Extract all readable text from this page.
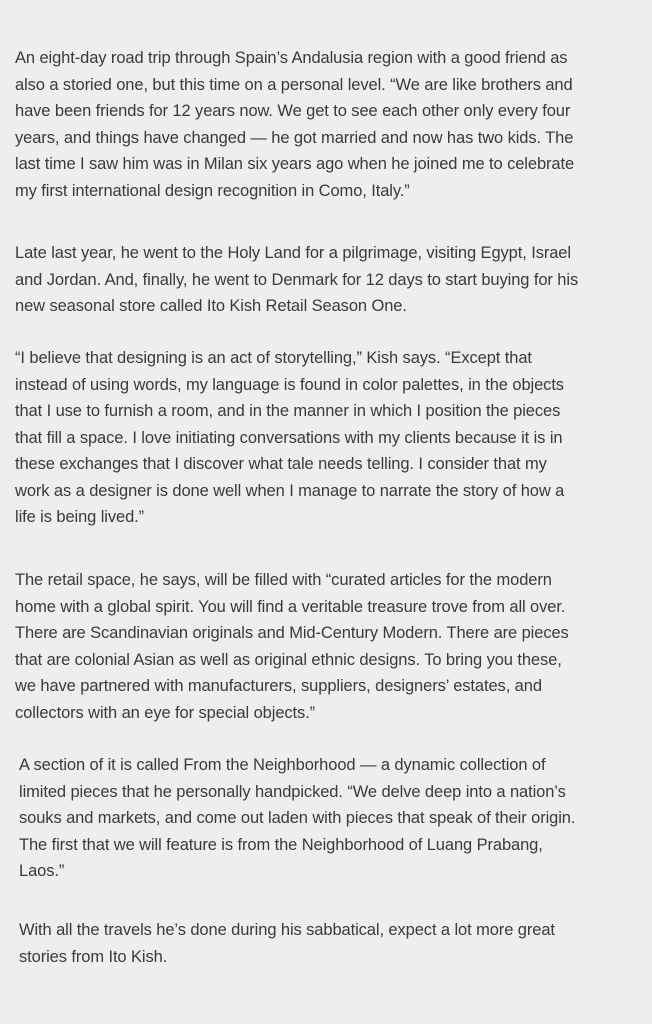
An eight-day road trip through Spain’s Andalusia region with a good friend as
also a storied one, but this time on a personal level. “We are like brothers and
have been friends for 12 years now. We get to see each other only every four
years, and things have changed — he got married and now has two kids. The
last time I saw him was in Milan six years ago when he joined me to celebrate
my first international design recognition in Como, Italy.”

Late last year, he went to the Holy Land for a pilgrimage, visiting Egypt, Israel
and Jordan. And, finally, he went to Denmark for 12 days to start buying for his
new seasonal store called Ito Kish Retail Season One.

“I believe that designing is an act of storytelling,” Kish says. “Except that
instead of using words, my language is found in color palettes, in the objects
that I use to furnish a room, and in the manner in which I position the pieces
that fill a space. I love initiating conversations with my clients because it is in
these exchanges that I discover what tale needs telling. I consider that my
work as a designer is done well when I manage to narrate the story of how a
life is being lived.”

The retail space, he says, will be filled with “curated articles for the modern
home with a global spirit. You will find a veritable treasure trove from all over.
There are Scandinavian originals and Mid-Century Modern. There are pieces
that are colonial Asian as well as original ethnic designs. To bring you these,
we have partnered with manufacturers, suppliers, designers’ estates, and
collectors with an eye for special objects.”

A section of it is called From the Neighborhood — a dynamic collection of
limited pieces that he personally handpicked. “We delve deep into a nation’s
souks and markets, and come out laden with pieces that speak of their origin.
The first that we will feature is from the Neighborhood of Luang Prabang,
Laos.”

With all the travels he’s done during his sabbatical, expect a lot more great
stories from Ito Kish.
